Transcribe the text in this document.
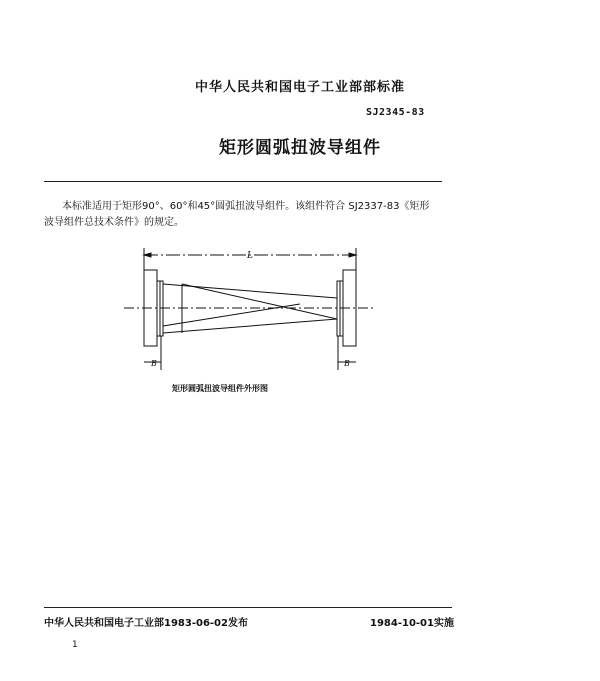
中华人民共和国电子工业部部标准
SJ2345-83
矩形圆弧扭波导组件
本标准适用于矩形90°、60°和45°圆弧扭波导组件。该组件符合 SJ2337-83《矩形
波导组件总技术条件》的规定。
L
B	B
矩形圆弧扭波导组件外形图
中华人民共和国电子工业部1983-06-02发布	1984-10-01实施
1
